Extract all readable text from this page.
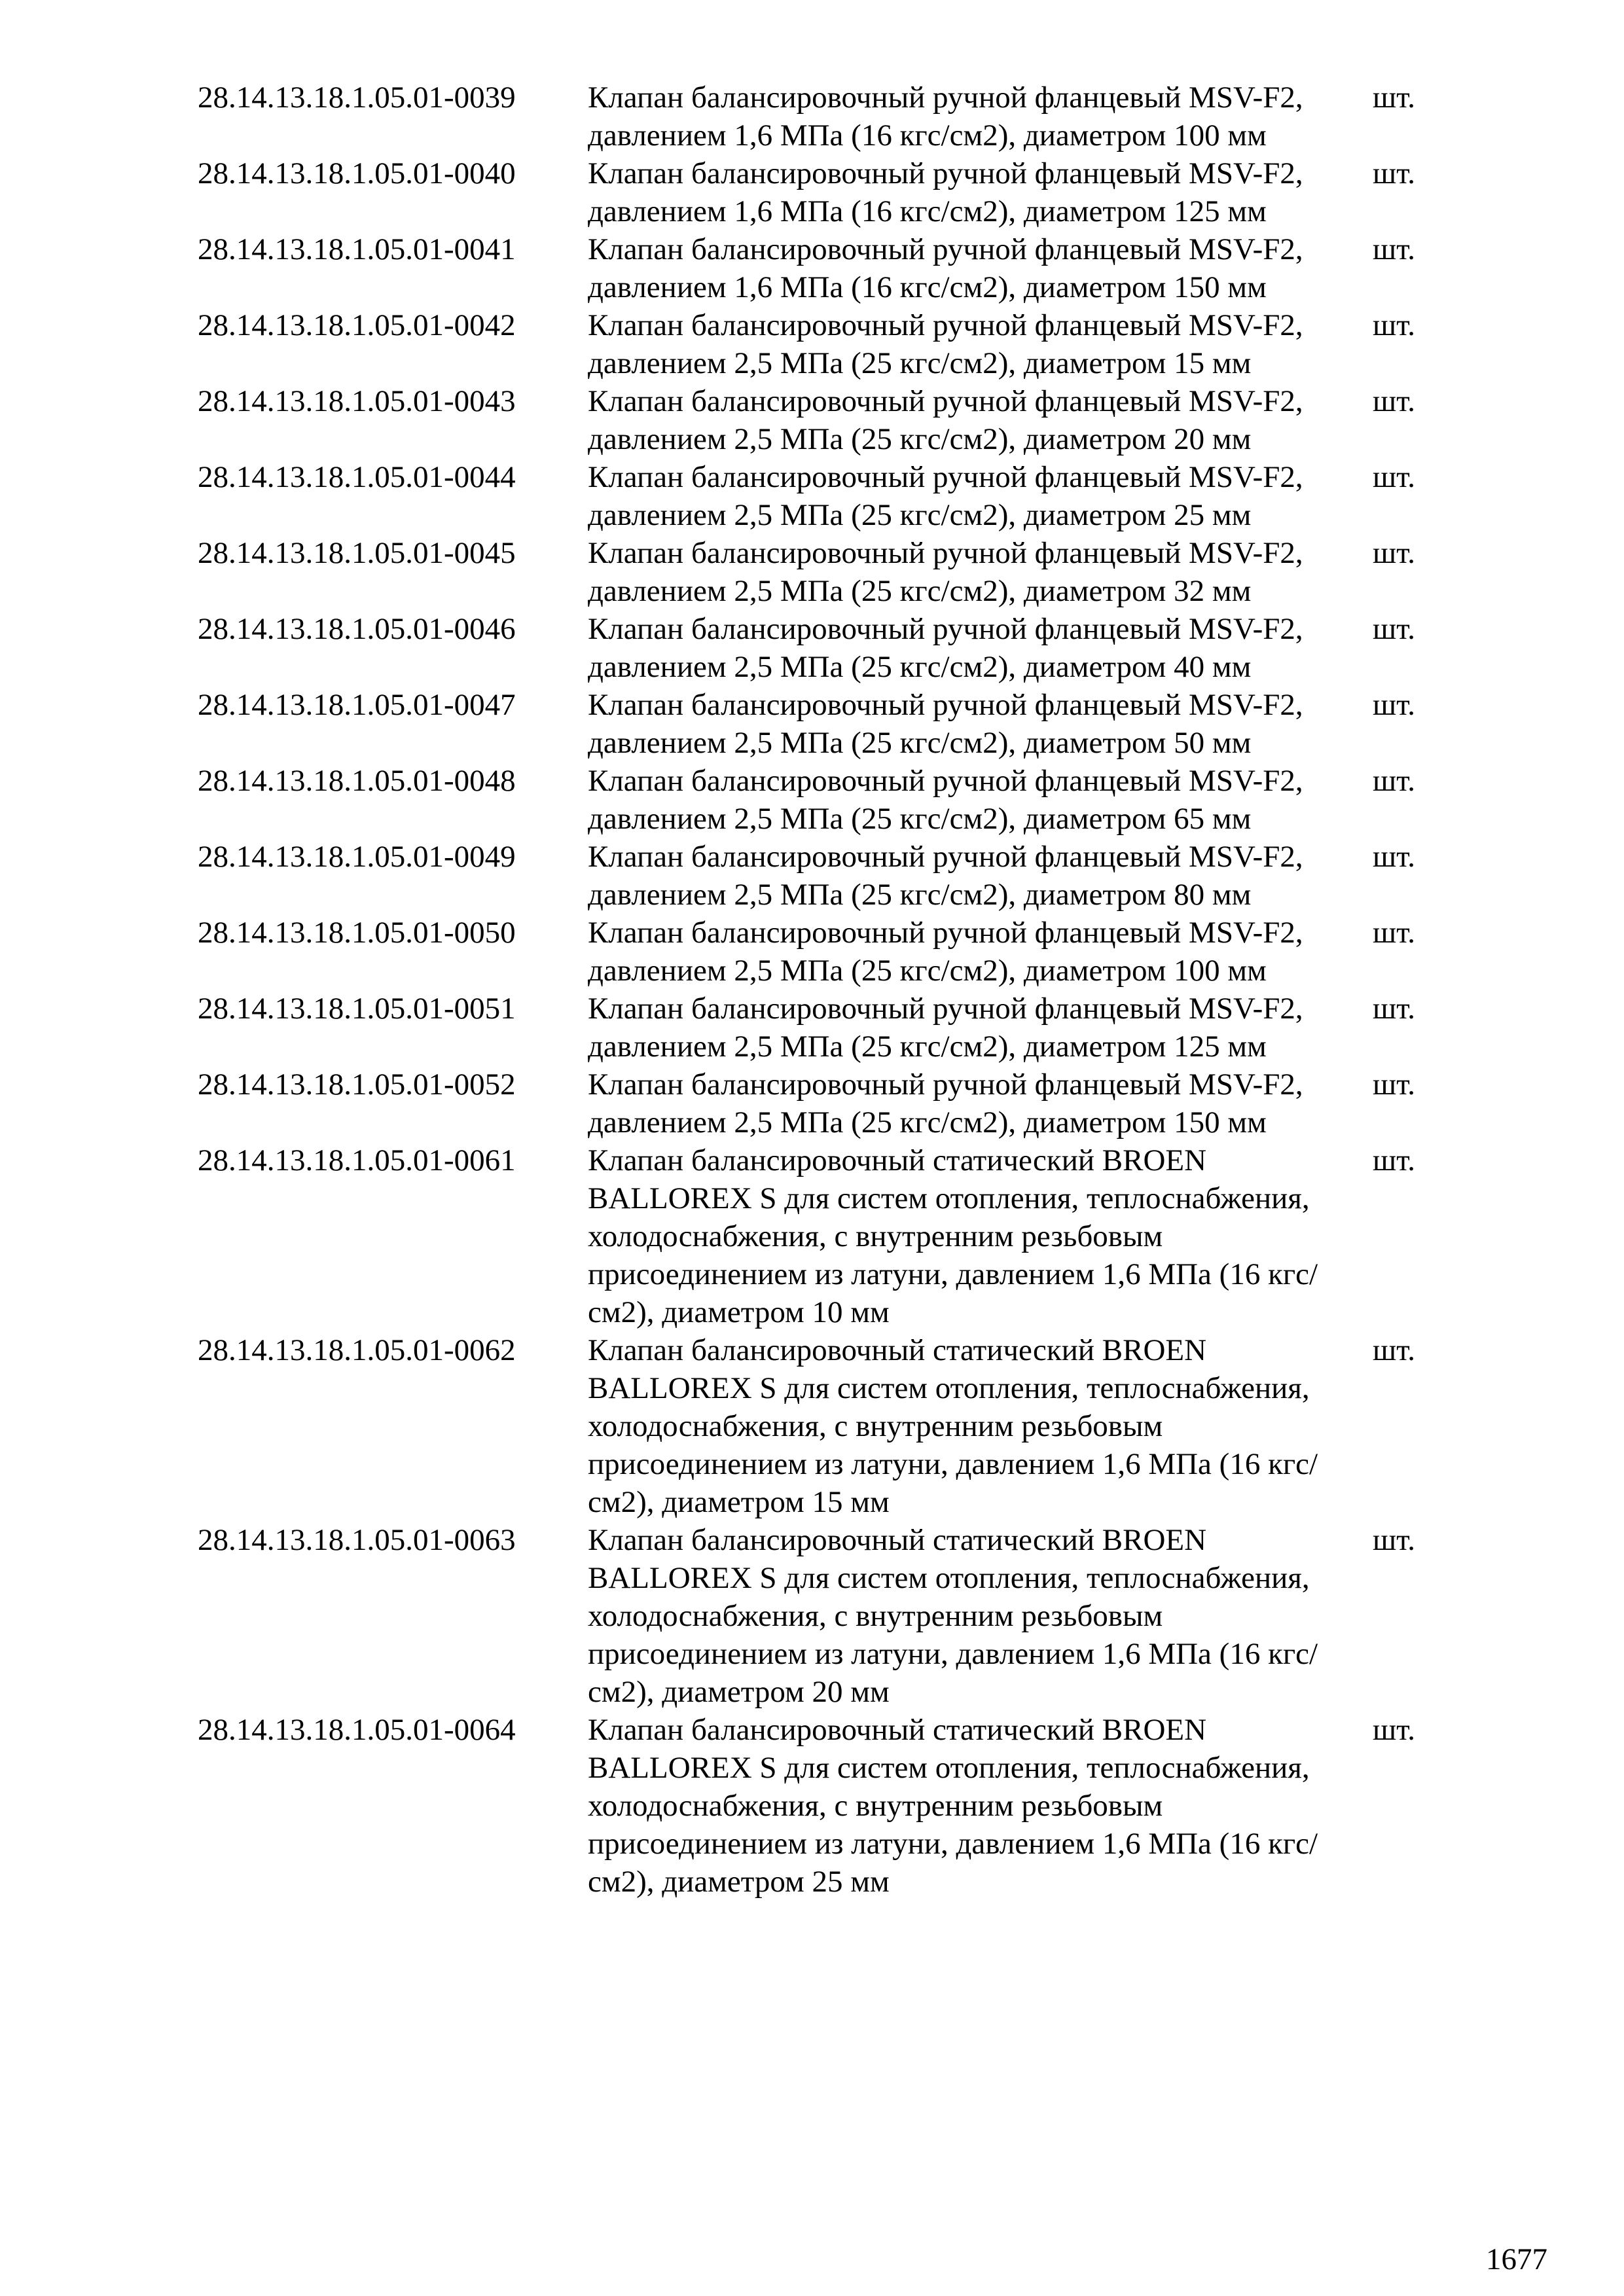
28.14.13.18.1.05.01-0039 Клапан балансировочный ручной фланцевый MSV-F2, давлением 1,6 МПа (16 кгс/см2), диаметром 100 мм
шт.
28.14.13.18.1.05.01-0040 Клапан балансировочный ручной фланцевый MSV-F2, давлением 1,6 МПа (16 кгс/см2), диаметром 125 мм
шт.
28.14.13.18.1.05.01-0041 Клапан балансировочный ручной фланцевый MSV-F2, давлением 1,6 МПа (16 кгс/см2), диаметром 150 мм
шт.
28.14.13.18.1.05.01-0042 Клапан балансировочный ручной фланцевый MSV-F2, давлением 2,5 МПа (25 кгс/см2), диаметром 15 мм
шт.
28.14.13.18.1.05.01-0043 Клапан балансировочный ручной фланцевый MSV-F2, давлением 2,5 МПа (25 кгс/см2), диаметром 20 мм
шт.
28.14.13.18.1.05.01-0044 Клапан балансировочный ручной фланцевый MSV-F2, давлением 2,5 МПа (25 кгс/см2), диаметром 25 мм
шт.
28.14.13.18.1.05.01-0045 Клапан балансировочный ручной фланцевый MSV-F2, давлением 2,5 МПа (25 кгс/см2), диаметром 32 мм
шт.
28.14.13.18.1.05.01-0046 Клапан балансировочный ручной фланцевый MSV-F2, давлением 2,5 МПа (25 кгс/см2), диаметром 40 мм
шт.
28.14.13.18.1.05.01-0047 Клапан балансировочный ручной фланцевый MSV-F2, давлением 2,5 МПа (25 кгс/см2), диаметром 50 мм
шт.
28.14.13.18.1.05.01-0048 Клапан балансировочный ручной фланцевый MSV-F2, давлением 2,5 МПа (25 кгс/см2), диаметром 65 мм
шт.
28.14.13.18.1.05.01-0049 Клапан балансировочный ручной фланцевый MSV-F2, давлением 2,5 МПа (25 кгс/см2), диаметром 80 мм
шт.
28.14.13.18.1.05.01-0050 Клапан балансировочный ручной фланцевый MSV-F2, давлением 2,5 МПа (25 кгс/см2), диаметром 100 мм
шт.
28.14.13.18.1.05.01-0051 Клапан балансировочный ручной фланцевый MSV-F2, давлением 2,5 МПа (25 кгс/см2), диаметром 125 мм
шт.
28.14.13.18.1.05.01-0052 Клапан балансировочный ручной фланцевый MSV-F2, давлением 2,5 МПа (25 кгс/см2), диаметром 150 мм
шт.
28.14.13.18.1.05.01-0061 Клапан балансировочный статический BROEN BALLOREX S для систем отопления, теплоснабжения, холодоснабжения, с внутренним резьбовым присоединением из латуни, давлением 1,6 МПа (16 кгс/см2), диаметром 10 мм
шт.
28.14.13.18.1.05.01-0062 Клапан балансировочный статический BROEN BALLOREX S для систем отопления, теплоснабжения, холодоснабжения, с внутренним резьбовым присоединением из латуни, давлением 1,6 МПа (16 кгс/см2), диаметром 15 мм
шт.
28.14.13.18.1.05.01-0063 Клапан балансировочный статический BROEN BALLOREX S для систем отопления, теплоснабжения, холодоснабжения, с внутренним резьбовым присоединением из латуни, давлением 1,6 МПа (16 кгс/см2), диаметром 20 мм
шт.
28.14.13.18.1.05.01-0064 Клапан балансировочный статический BROEN BALLOREX S для систем отопления, теплоснабжения, холодоснабжения, с внутренним резьбовым присоединением из латуни, давлением 1,6 МПа (16 кгс/см2), диаметром 25 мм
шт.
1677
